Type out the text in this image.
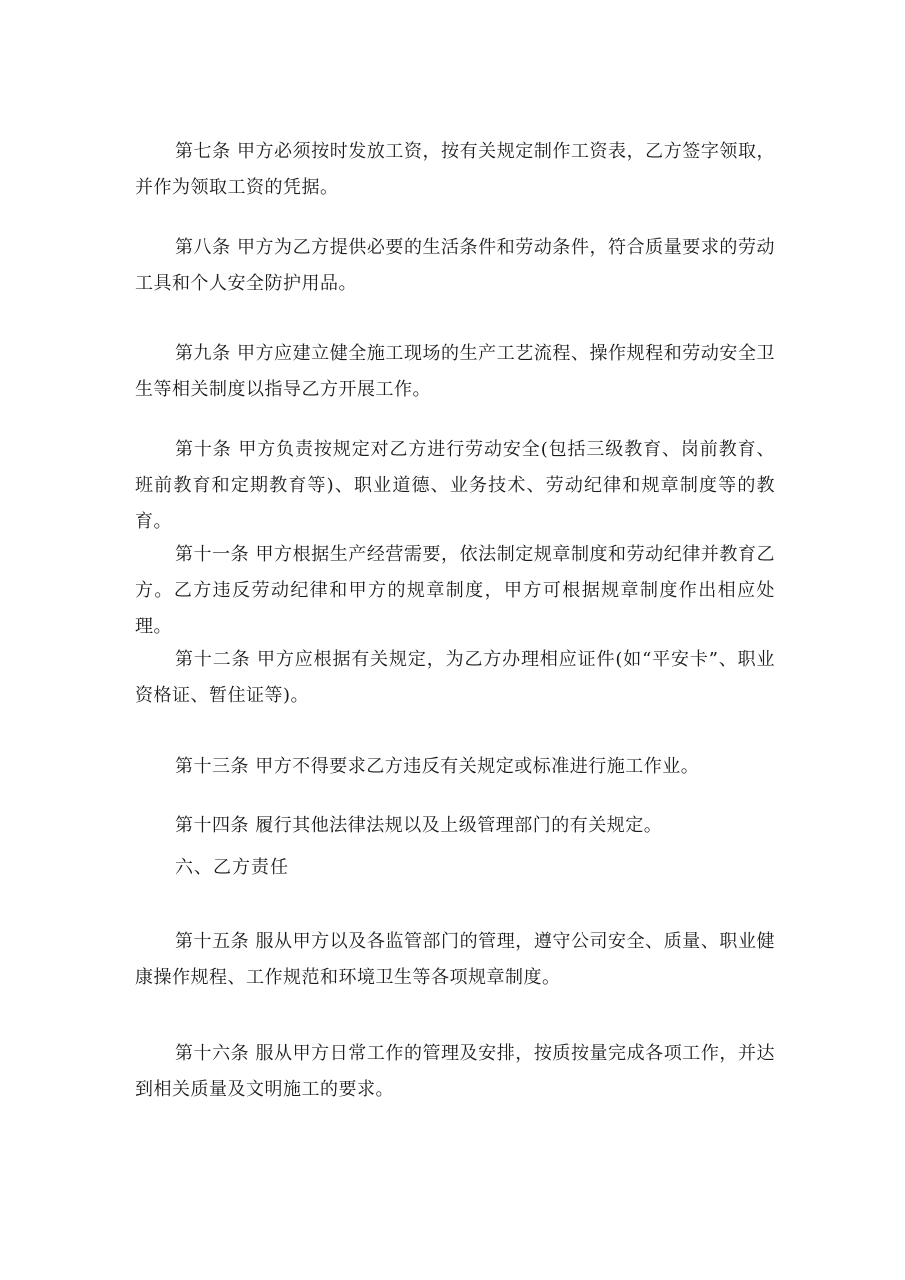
第七条 甲方必须按时发放工资，按有关规定制作工资表，乙方签字领取，并作为领取工资的凭据。

第八条 甲方为乙方提供必要的生活条件和劳动条件，符合质量要求的劳动工具和个人安全防护用品。

第九条 甲方应建立健全施工现场的生产工艺流程、操作规程和劳动安全卫生等相关制度以指导乙方开展工作。

第十条 甲方负责按规定对乙方进行劳动安全(包括三级教育、岗前教育、班前教育和定期教育等)、职业道德、业务技术、劳动纪律和规章制度等的教育。

第十一条 甲方根据生产经营需要，依法制定规章制度和劳动纪律并教育乙方。乙方违反劳动纪律和甲方的规章制度，甲方可根据规章制度作出相应处理。

第十二条 甲方应根据有关规定，为乙方办理相应证件(如“平安卡”、职业资格证、暂住证等)。

第十三条 甲方不得要求乙方违反有关规定或标准进行施工作业。

第十四条 履行其他法律法规以及上级管理部门的有关规定。

六、乙方责任

第十五条 服从甲方以及各监管部门的管理，遵守公司安全、质量、职业健康操作规程、工作规范和环境卫生等各项规章制度。

第十六条 服从甲方日常工作的管理及安排，按质按量完成各项工作，并达到相关质量及文明施工的要求。
